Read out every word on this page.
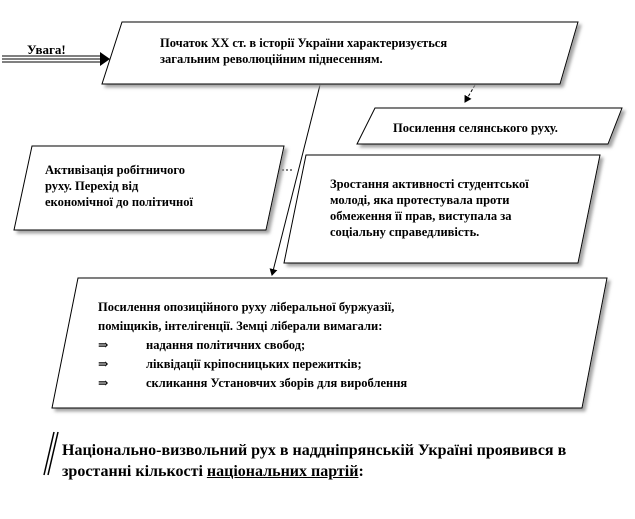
Увага!	Початок XX ст. в історії України характеризується
загальним революційним піднесенням.
Посилення селянського руху.
Активізація робітничого
руху. Перехід від
економічної до політичної
Зростання активності студентської
молоді, яка протестувала проти
обмеження її прав, виступала за
соціальну справедливість.
Посилення опозиційного руху ліберальної буржуазії,
поміщиків, інтелігенції. Земці ліберали вимагали:
⇒	надання політичних свобод;
⇒	ліквідації кріпосницьких пережитків;
⇒	скликання Установчих зборів для вироблення
Національно-визвольний рух в наддніпрянській Україні проявився в
зростанні кількості національних партій:
